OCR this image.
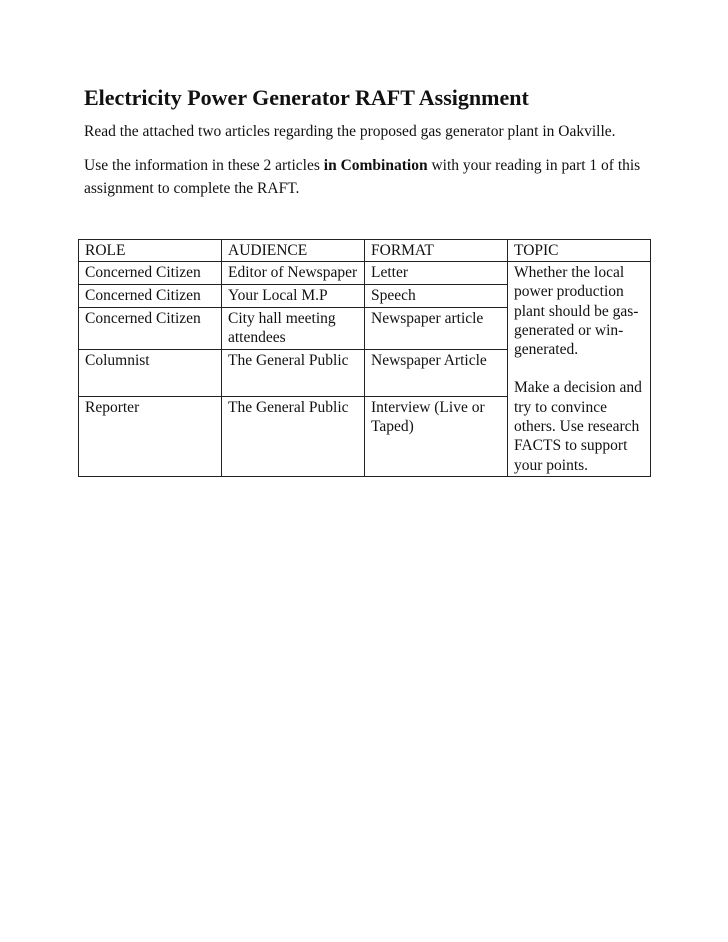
Electricity Power Generator RAFT Assignment

Read the attached two articles regarding the proposed gas generator plant in Oakville.

Use the information in these 2 articles in Combination with your reading in part 1 of this assignment to complete the RAFT.

ROLE	AUDIENCE	FORMAT	TOPIC
Concerned Citizen	Editor of Newspaper	Letter	Whether the local power production plant should be gas-generated or win-generated.
Make a decision and try to convince others. Use research FACTS to support your points.
Concerned Citizen	Your Local M.P	Speech	
Concerned Citizen	City hall meeting attendees	Newspaper article	
Columnist	The General Public	Newspaper Article	
Reporter	The General Public	Interview (Live or Taped)	
